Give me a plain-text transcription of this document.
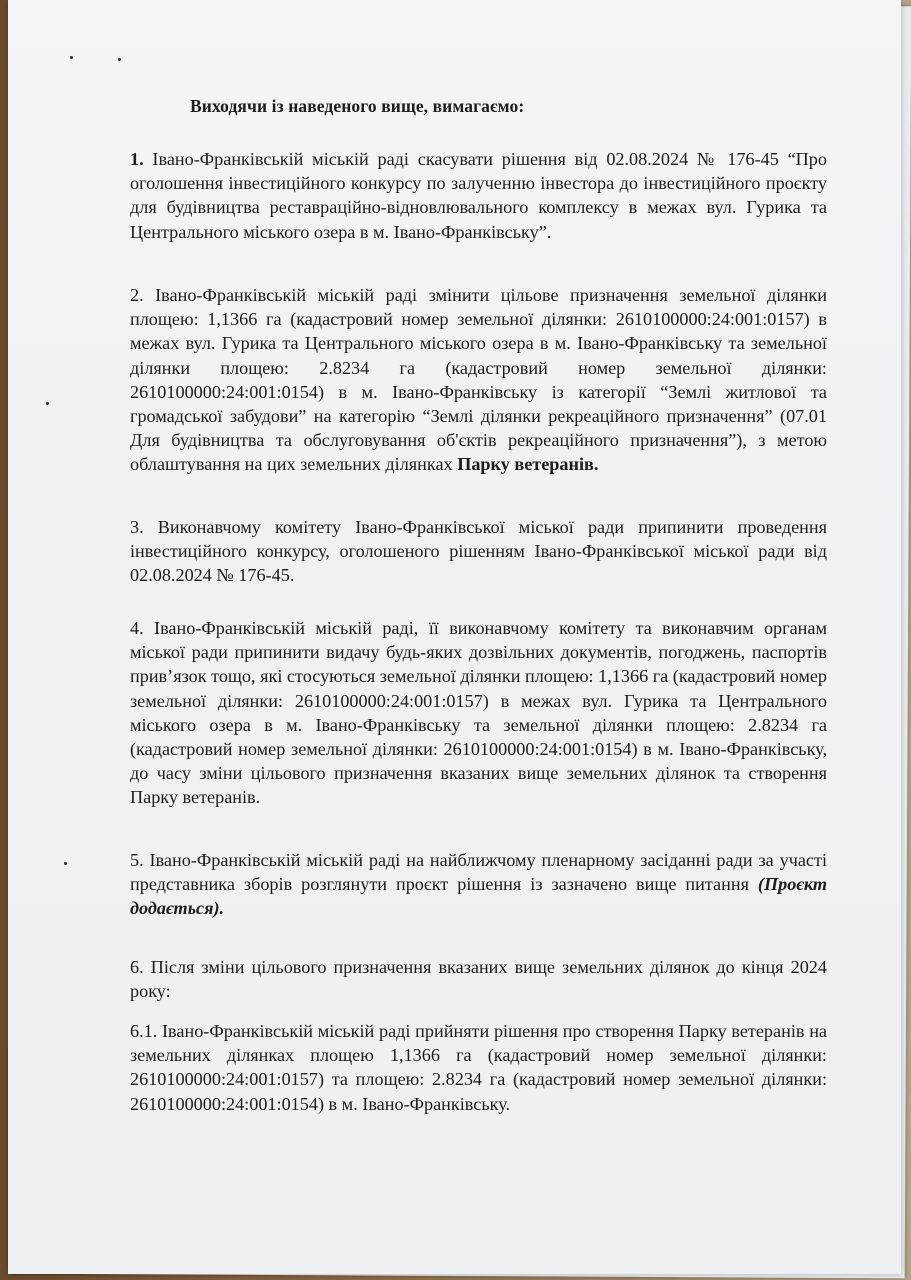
Виходячи із наведеного вище, вимагаємо:
1. Івано-Франківській міській раді скасувати рішення від 02.08.2024 № 176-45 “Про оголошення інвестиційного конкурсу по залученню інвестора до інвестиційного проєкту для будівництва реставраційно-відновлювального комплексу в межах вул. Гурика та Центрального міського озера в м. Івано-Франківську”.
2. Івано-Франківській міській раді змінити цільове призначення земельної ділянки площею: 1,1366 га (кадастровий номер земельної ділянки: 2610100000:24:001:0157) в межах вул. Гурика та Центрального міського озера в м. Івано-Франківську та земельної ділянки площею: 2.8234 га (кадастровий номер земельної ділянки: 2610100000:24:001:0154) в м. Івано-Франківську із категорії “Землі житлової та громадської забудови” на категорію “Землі ділянки рекреаційного призначення” (07.01 Для будівництва та обслуговування об'єктів рекреаційного призначення”), з метою облаштування на цих земельних ділянках Парку ветеранів.
3. Виконавчому комітету Івано-Франківської міської ради припинити проведення інвестиційного конкурсу, оголошеного рішенням Івано-Франківської міської ради від 02.08.2024 № 176-45.
4. Івано-Франківській міській раді, її виконавчому комітету та виконавчим органам міської ради припинити видачу будь-яких дозвільних документів, погоджень, паспортів прив’язок тощо, які стосуються земельної ділянки площею: 1,1366 га (кадастровий номер земельної ділянки: 2610100000:24:001:0157) в межах вул. Гурика та Центрального міського озера в м. Івано-Франківську та земельної ділянки площею: 2.8234 га (кадастровий номер земельної ділянки: 2610100000:24:001:0154) в м. Івано-Франківську, до часу зміни цільового призначення вказаних вище земельних ділянок та створення Парку ветеранів.
5. Івано-Франківській міській раді на найближчому пленарному засіданні ради за участі представника зборів розглянути проєкт рішення із зазначено вище питання (Проєкт додається).
6. Після зміни цільового призначення вказаних вище земельних ділянок до кінця 2024 року:
6.1. Івано-Франківській міській раді прийняти рішення про створення Парку ветеранів на земельних ділянках площею 1,1366 га (кадастровий номер земельної ділянки: 2610100000:24:001:0157) та площею: 2.8234 га (кадастровий номер земельної ділянки: 2610100000:24:001:0154) в м. Івано-Франківську.
